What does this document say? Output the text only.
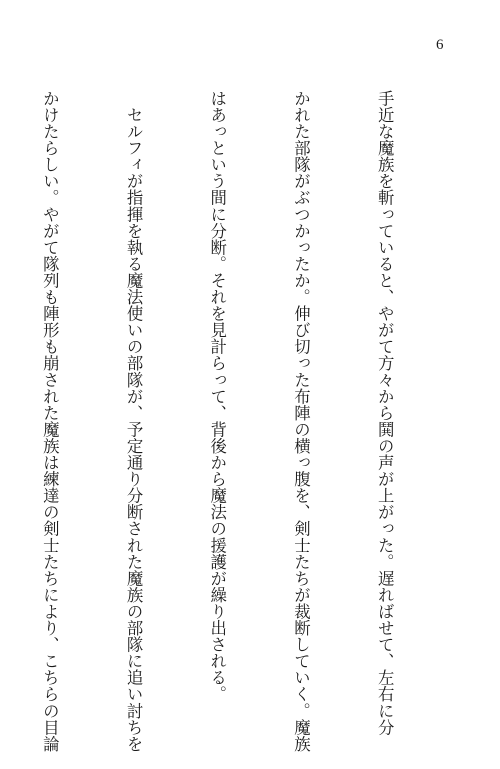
6

手近な魔族を斬っていると、やがて方々から鬨の声が上がった。遅ればせて、左右に分

かれた部隊がぶつかったか。伸び切った布陣の横っ腹を、剣士たちが裁断していく。魔族

はあっという間に分断。それを見計らって、背後から魔法の援護が繰り出される。

　セルフィが指揮を執る魔法使いの部隊が、予定通り分断された魔族の部隊に追い討ちを

かけたらしい。やがて隊列も陣形も崩された魔族は練達の剣士たちにより、こちらの目論
